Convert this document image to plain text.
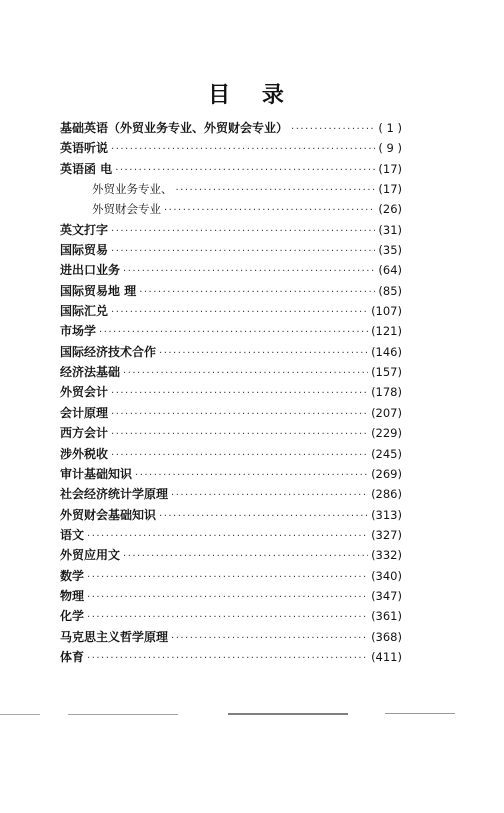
目 录
基础英语（外贸业务专业、外贸财会专业） ·····	( 1 )
英语听说 ·····	( 9 )
英语函 电 ·····	(17)
外贸业务专业、 ·····	(17)
外贸财会专业 ·····	(26)
英文打字 ·····	(31)
国际贸易 ·····	(35)
进出口业务 ·····	(64)
国际贸易地 理 ·····	(85)
国际汇兑 ·····	(107)
市场学 ·····	(121)
国际经济技术合作 ·····	(146)
经济法基础 ·····	(157)
外贸会计 ·····	(178)
会计原理 ·····	(207)
西方会计 ·····	(229)
涉外税收 ·····	(245)
审计基础知识 ·····	(269)
社会经济统计学原理 ·····	(286)
外贸财会基础知识 ·····	(313)
语文 ·····	(327)
外贸应用文 ·····	(332)
数学 ·····	(340)
物理 ·····	(347)
化学 ·····	(361)
马克思主义哲学原理 ·····	(368)
体育 ·····	(411)
